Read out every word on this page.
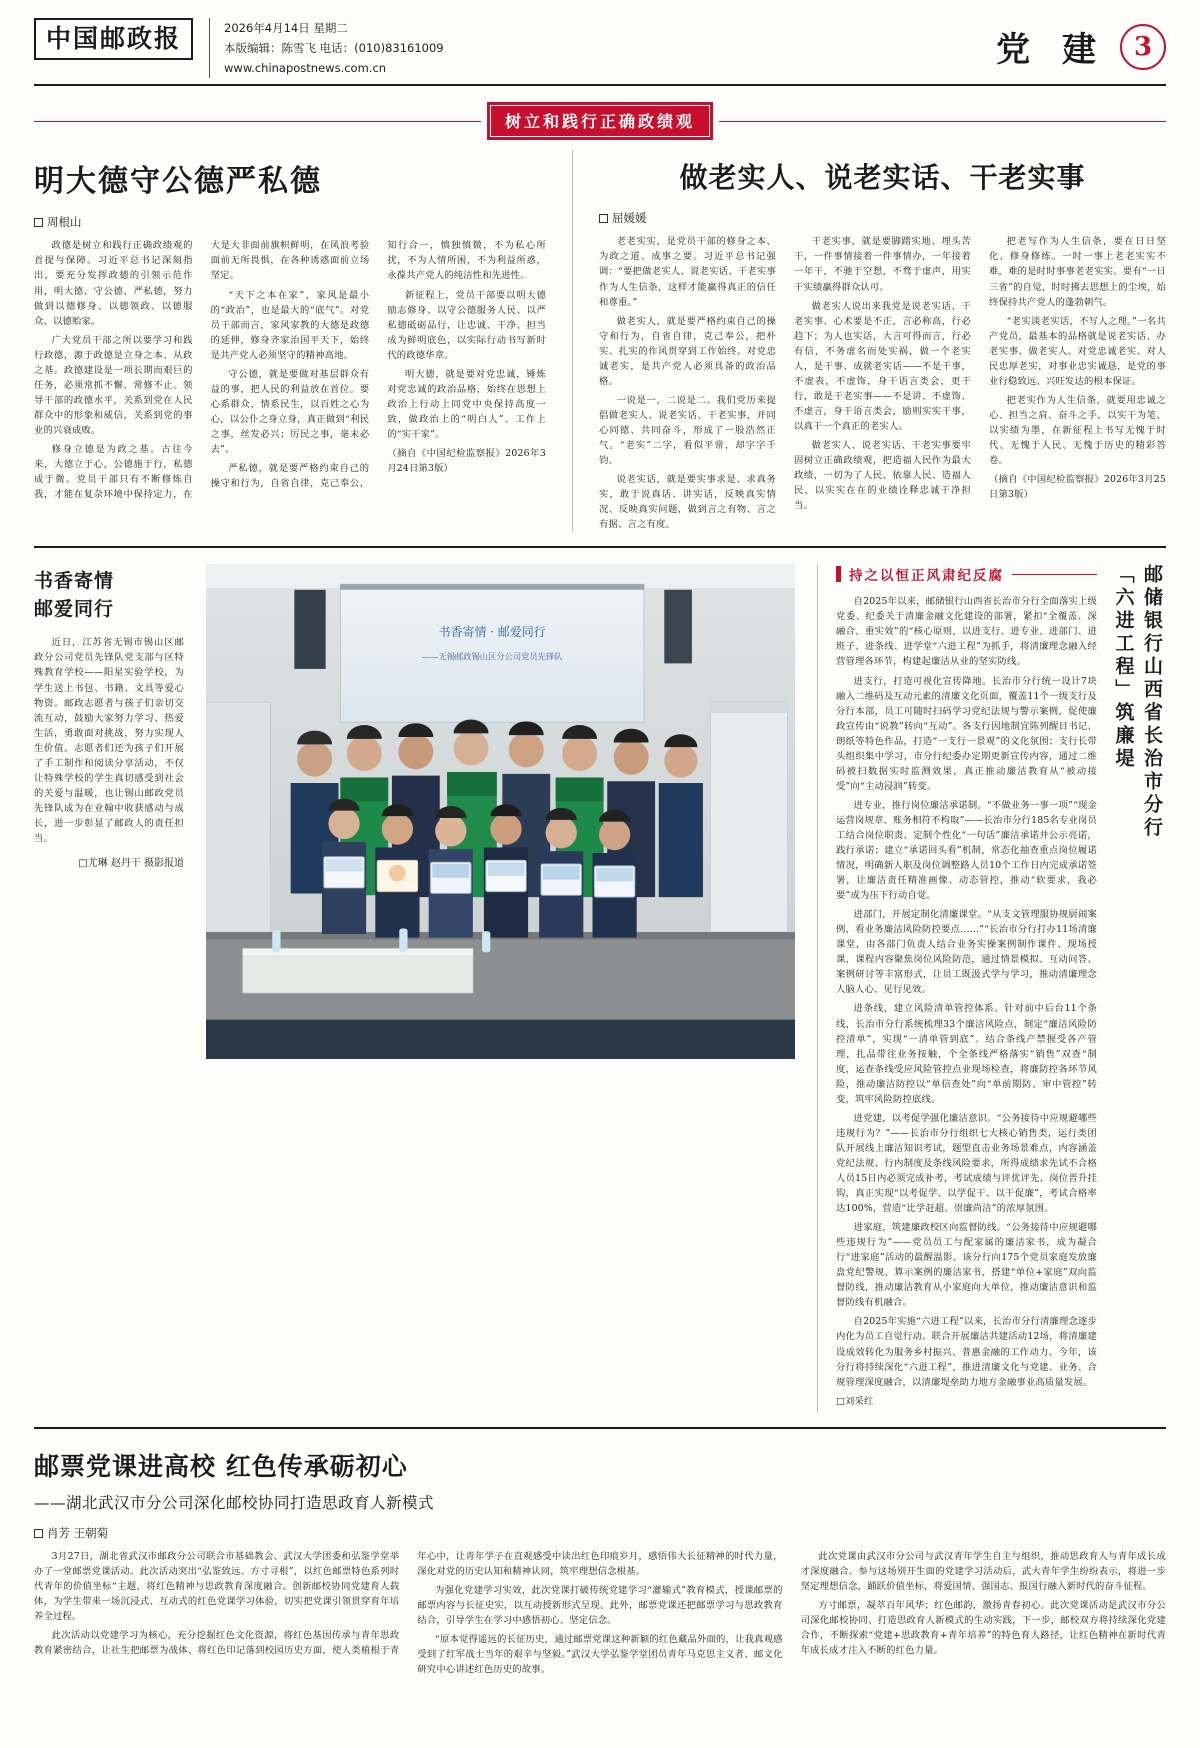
中国邮政报	2026年4月14日 星期二
本版编辑：陈雪飞 电话：(010)83161009
www.chinapostnews.com.cn	党 建	3
树立和践行正确政绩观
明大德守公德严私德
周根山

政德是树立和践行正确政绩观的首提与保障。习近平总书记深刻指出，要充分发挥政德的引领示范作用，明大德、守公德、严私德，努力做到以德修身、以德领政、以德服众、以德贻家。

广大党员干部之所以要学习和践行政德，源于政德是立身之本、从政之基。政德建设是一项长期而艰巨的任务，必须常抓不懈、常修不止。领导干部的政德水平，关系到党在人民群众中的形象和威信，关系到党的事业的兴衰成败。

修身立德是为政之基。古往今来，大德立于心，公德施于行，私德成于微。党员干部只有不断修炼自我，才能在复杂环境中保持定力，在大是大非面前旗帜鲜明，在风浪考验面前无所畏惧，在各种诱惑面前立场坚定。

“天下之本在家”，家风是最小的“政治”，也是最大的“底气”。对党员干部而言，家风家教的大德是政德的延伸，修身齐家治国平天下，始终是共产党人必须坚守的精神高地。

守公德，就是要做对基层群众有益的事，把人民的利益放在首位。要心系群众、情系民生，以百姓之心为心，以公仆之身立身，真正做到“利民之事，丝发必兴；厉民之事，毫末必去”。

严私德，就是要严格约束自己的操守和行为，自省自律，克己奉公，知行合一，慎独慎微，不为私心所扰，不为人情所困，不为利益所惑，永葆共产党人的纯洁性和先进性。

新征程上，党员干部要以明大德励志修身、以守公德服务人民、以严私德砥砺品行，让忠诚、干净、担当成为鲜明底色，以实际行动书写新时代的政德华章。

明大德，就是要对党忠诚，锤炼对党忠诚的政治品格，始终在思想上政治上行动上同党中央保持高度一致，做政治上的“明白人”、工作上的“实干家”。

（摘自《中国纪检监察报》2026年3月24日第3版）

做老实人、说老实话、干老实事
屈媛媛

老老实实，是党员干部的修身之本、为政之道、成事之要。习近平总书记强调：“要把做老实人、说老实话、干老实事作为人生信条，这样才能赢得真正的信任和尊重。”

做老实人，就是要严格约束自己的操守和行为，自省自律，克己奉公，把朴实、扎实的作风贯穿到工作始终。对党忠诚老实，是共产党人必须具备的政治品格。

一说是一，二说是二。我们党历来提倡做老实人、说老实话、干老实事，并同心同德、共同奋斗，形成了一股浩然正气。“老实”二字，看似平常，却字字千钧。

说老实话，就是要实事求是、求真务实，敢于说真话、讲实话，反映真实情况、反映真实问题，做到言之有物、言之有据、言之有度。

干老实事，就是要脚踏实地、埋头苦干，一件事情接着一件事情办，一年接着一年干，不驰于空想，不骛于虚声，用实干实绩赢得群众认可。

做老实人说出来我党是说老实话、干老实事、心术要是不正，言必称高，行必趋下；为人也实话，大言可得而言，行必有信，不务虚名而处实祸，做一个老实人，是干事、成就老实话——不是干事，不虚表，不虚饰，身干语言类会，更干行，敢是干老实事——不是讲、不虚饰、不虚言，身干语言类会，励则实实干事，以真干一个真正的老实人。

做老实人、说老实话、干老实事要牢固树立正确政绩观，把造福人民作为最大政绩，一切为了人民、依靠人民、造福人民，以实实在在的业绩诠释忠诚干净担当。

把老写作为人生信条，要在日日坚化、修身修练。一时一事上老老实实不难，难的是时时事事老老实实。要有“一日三省”的自觉，时时拂去思想上的尘埃，始终保持共产党人的蓬勃朝气。

“老实谈老实话，不写人之理。”一名共产党员，最基本的品格就是说老实话、办老实事、做老实人。对党忠诚老实、对人民忠厚老实，对事业忠实诚恳，是党的事业行稳致远、兴旺发达的根本保证。

把老实作为人生信条，就要用忠诚之心、担当之肩、奋斗之手，以实干为笔、以实绩为墨，在新征程上书写无愧于时代、无愧于人民、无愧于历史的精彩答卷。

（摘自《中国纪检监察报》2026年3月25日第3版）

书香寄情
邮爱同行

近日，江苏省无锡市锡山区邮政分公司党员先锋队党支部与区特殊教育学校——阳星实验学校，为学生送上书包、书籍、文具等爱心物资。邮政志愿者与孩子们亲切交流互动，鼓励大家努力学习、热爱生活，勇敢面对挑战，努力实现人生价值。志愿者们还为孩子们开展了手工制作和阅读分享活动，不仅让特殊学校的学生真切感受到社会的关爱与温暖，也让锡山邮政党员先锋队成为在业翰中收获感动与成长，进一步彰显了邮政人的责任担当。

□尤琳 赵丹干 摄影报道
书香寄情 · 邮爱同行
——无锡邮政锡山区分公司党员先锋队
持之以恒正风肃纪反腐

自2025年以来，邮储银行山西省长治市分行全面落实上级党委、纪委关于清廉金融文化建设的部署，紧扣“全覆盖、深融合、重实效”的“核心原则，以进支行、进专业、进部门、进班子、进条线、进学堂“六进工程”为抓手，将清廉理念融入经营管理各环节，构建起廉洁从业的坚实防线。

进支行，打造可视化宣传降地。长治市分行统一设计7块融入二维码及互动元素的清廉文化页面，覆盖11个一级支行及分行本部，员工可随时扫码学习党纪法规与警示案例，促使廉政宣传由“说教”转向“互动”。各支行因地制宜陈列醒目书记、朗纸等特色作品，打造“一支行一景观”的文化氛围；支行长带头组织集中学习，市分行纪委办定期更新宣传内容，通过二维码被扫数据实时监测效果，真正推动廉洁教育从“被动接受”向“主动浸润”转变。

进专业，推行岗位廉洁承诺制。“不做业务一事一项”“现金运营岗规章、账务相符不构取”——长治市分行185名专业岗员工结合岗位职责、定制个性化“一句话”廉洁承诺并公示亮诺，践行承诺；建立“承诺回头看”机制，常态化抽查重点岗位履诺情况，明确新人职及岗位调整路人员10个工作日内完成承诺签署，让廉洁责任精准画像、动态管控，推动“软要求，我必要”成为压下行动自觉。

进部门，开展定制化清廉课堂。“从支文管理服协规厨闹案例，看业务廉洁风险防控要点……”“长治市分行打办11场清廉课堂，由各部门负责人结合业务实操案例制作课件、现场授课，课程内容聚焦岗位风险防范，通过情景模拟、互动问答、案例研讨等丰富形式，让员工既汲式学与学习，推动清廉理念人脑人心、见行见效。

进条线，建立风险清单管控体系。针对前中后台11个条线，长治市分行系统梳理33个廉洁风险点，制定“廉洁风险防控清单”，实现“一清单管到底”。结合条线产禁握受各产管理，扎品带往业务按触，个全条线严格落实“销售”双查“制度，运查条线受应风险管控点业现场检查，将廉防控各环节风险，推动廉洁防控以“单信查处”向“单前期防、审中管控”转变，筑牢风险防控底线。

进党建，以考促学强化廉洁意识。“公务接待中应规避哪些违规行为？”——长治市分行组织七大核心销售类，运行类团队开展线上廉洁知识考试，题型直击业务场景难点，内容涵盖党纪法规、行内制度及条线风险要求，所得成绩求先试不合格人员15日内必须完成补考，考试成绩与评优评先、岗位晋升挂钩，真正实现“以考促学、以学促干、以干促廉”，考试合格率达100%，营造“比学赶超、崇廉尚洁”的浓厚氛围。

进家庭，筑建廉政校区向监督防线。“公务接待中应规避哪些违规行为”——党员员工与配家属的廉洁家书，成为凝合行“进家庭”活动的最醒温影。该分行向175个党员家庭发放廉盘党纪警规、算示案例的廉洁家书，搭建“单位+家庭”双向监督防线，推动廉洁教育从小家庭向大单位，推动廉洁意识和监督防线有机融合。

自2025年实施“六进工程”以来，长治市分行清廉理念逐步内化为员工自觉行动。联合开展廉洁共建活动12场，将清廉建设成效转化为服务乡村振兴、普惠金融的工作动力。今年，该分行将持续深化“六进工程”，推进清廉文化与党建、业务、合规管理深度融合，以清廉堤垒助力地方金融事业高质量发展。

□刘采红

邮储银行山西省长治市分行
「六进工程」筑廉堤
邮票党课进高校 红色传承砺初心
——湖北武汉市分公司深化邮校协同打造思政育人新模式
肖芳 王朝菊

3月27日，湖北省武汉市邮政分公司联合市基础教会、武汉大学团委和弘鉴学堂举办了一堂邮票党课活动。此次活动突出“弘鉴致远、方寸寻根”，以红色邮票特色系列时代青年的价值坐标“主题，将红色精神与思政教育深度融合。创新邮校协同党建育人载体，为学生带来一场沉浸式、互动式的红色党课学习体验，切实把党课引领贯穿育年培养全过程。

此次活动以党建学习为核心，充分挖掘红色文化资源，将红色基因传承与青年思政教育紧密结合，让社生把邮票为战体、将红色印记落到校园历史方面，使人类植根于青年心中，让青年学子在直观感受中读出红色印痕岁月，感悟伟大长征精神的时代力量，深化对党的历史认知和精神认同，筑牢理想信念根基。

为强化党建学习实效，此次党课打破传统党建学习“灌输式”教育模式，授课邮票的邮票内容与长征史实，以互动授新形式呈现。此外，邮票党课还把邮票学习与思政教育结合，引导学生在学习中感悟初心、坚定信念。

“原本觉得遥远的长征历史，通过邮票党课这种新颖的红色藏品外面的，让我真观感受到了红军战士当年的艰辛与坚毅。”武汉大学弘鉴学堂团员青年马克思主义者、邮文化研究中心讲述红色历史的故事。

此次党课由武汉市分公司与武汉青年学生自主与组织，推动思政育人与青年成长成才深度融合。参与这场别开生面的党建学习活动后，武大青年学生纷纷表示，将进一步坚定理想信念，踊跃价值坐标，将爱国情、强国志、报国行融入新时代的奋斗征程。

方寸邮票，凝萃百年风华；红色邮韵，激扬青春初心。此次党课活动是武汉市分公司深化邮校协同、打造思政育人新模式的生动实践，下一步，邮校双方将持续深化党建合作，不断探索“党建+思政教育+青年培养”的特色育人路径，让红色精神在新时代青年成长成才注入不断的红色力量。
